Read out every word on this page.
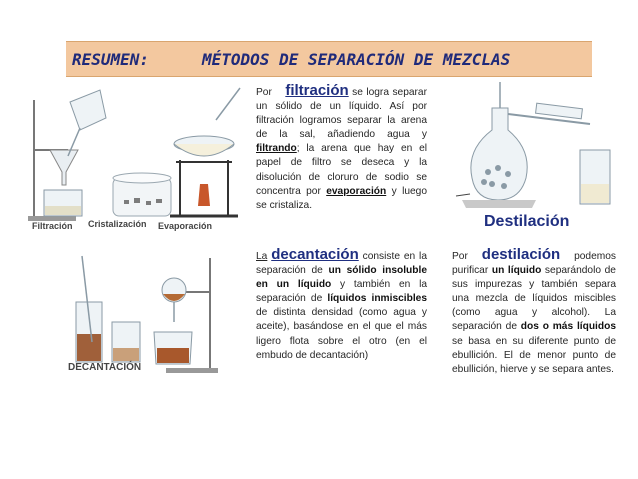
RESUMEN:	MÉTODOS DE SEPARACIÓN DE MEZCLAS
Filtración Cristalización Evaporación
DECANTACIÓN
Destilación
Por filtración se logra separar un sólido de un líquido. Así por filtración logramos separar la arena de la sal, añadiendo agua y filtrando; la arena que hay en el papel de filtro se deseca y la disolución de cloruro de sodio se concentra por evaporación y luego se cristaliza.
La decantación consiste en la separación de un sólido insoluble en un líquido y también en la separación de líquidos inmiscibles de distinta densidad (como agua y aceite), basándose en el que el más ligero flota sobre el otro (en el embudo de decantación)
Por destilación podemos purificar un líquido separándolo de sus impurezas y también separa una mezcla de líquidos miscibles (como agua y alcohol). La separación de dos o más líquidos se basa en su diferente punto de ebullición. El de menor punto de ebullición, hierve y se separa antes.
